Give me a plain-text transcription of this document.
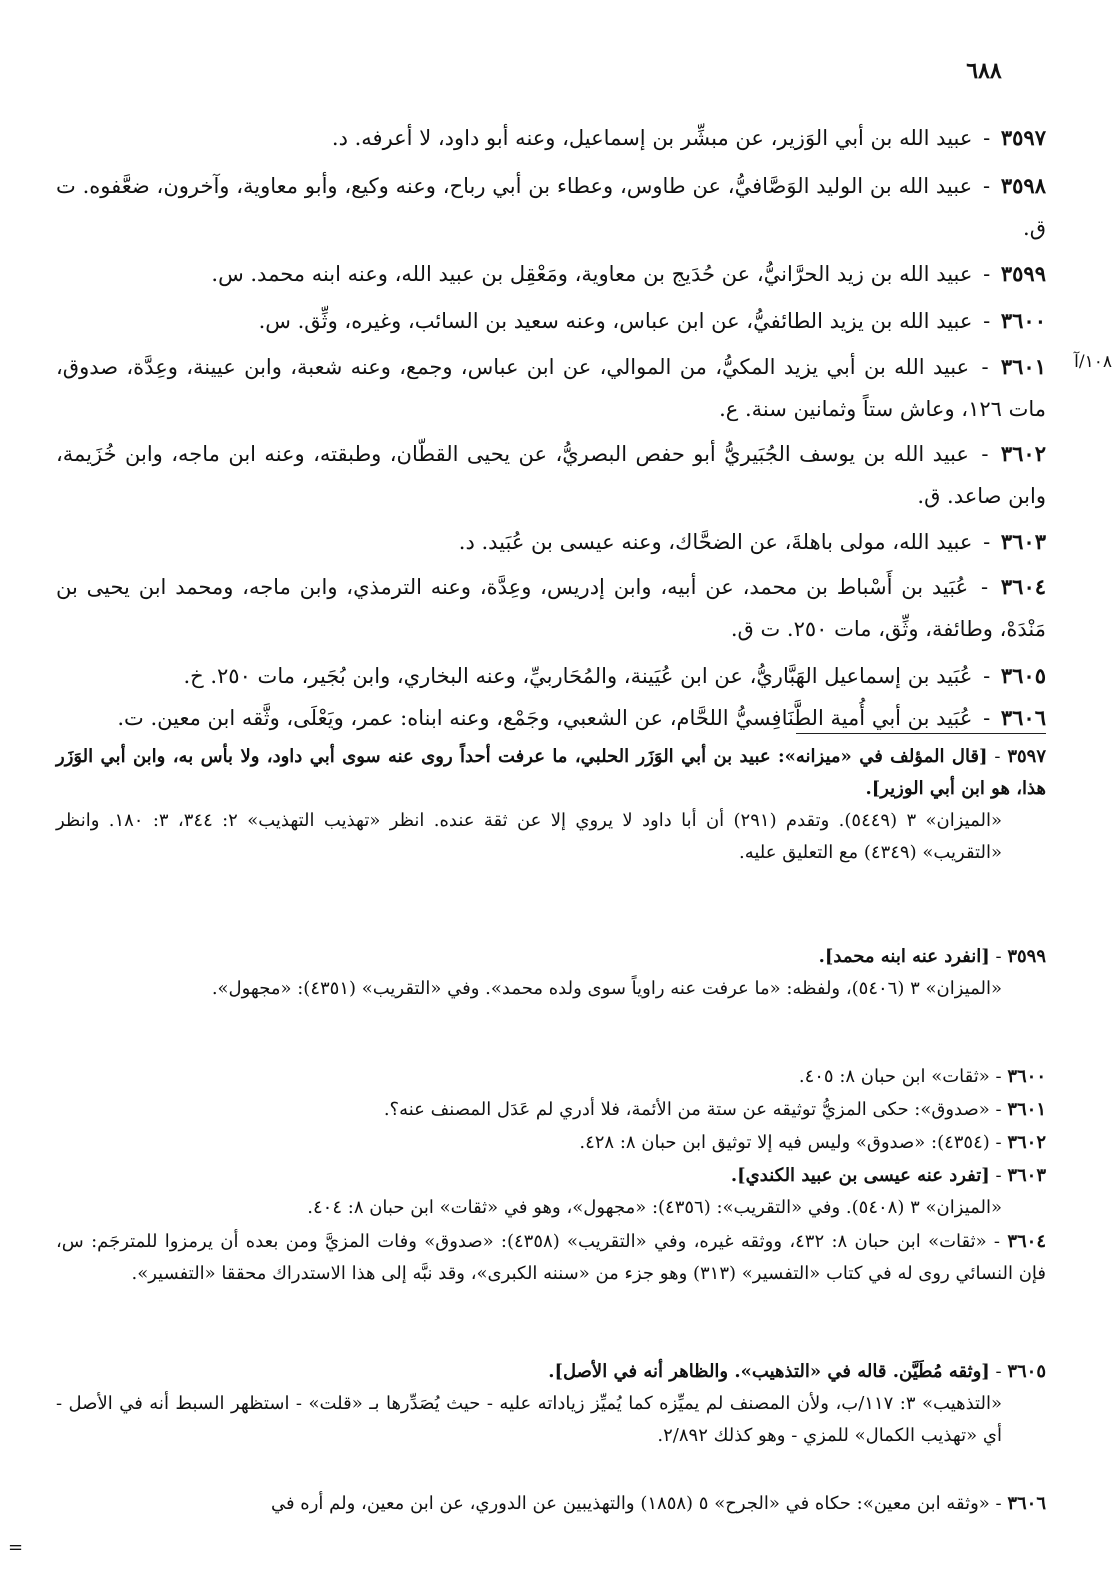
٦٨٨
١٠٨/آ
٣٥٩٧ - عبيد الله بن أبي الوَزير، عن مبشِّر بن إسماعيل، وعنه أبو داود، لا أعرفه. د.
٣٥٩٨ - عبيد الله بن الوليد الوَصَّافيُّ، عن طاوس، وعطاء بن أبي رباح، وعنه وكيع، وأبو معاوية، وآخرون، ضعَّفوه. ت ق.
٣٥٩٩ - عبيد الله بن زيد الحرَّانيُّ، عن حُدَيج بن معاوية، ومَعْقِل بن عبيد الله، وعنه ابنه محمد. س.
٣٦٠٠ - عبيد الله بن يزيد الطائفيُّ، عن ابن عباس، وعنه سعيد بن السائب، وغيره، وثِّق. س.
٣٦٠١ - عبيد الله بن أبي يزيد المكيُّ، من الموالي، عن ابن عباس، وجمع، وعنه شعبة، وابن عيينة، وعِدَّة، صدوق، مات ١٢٦، وعاش ستاً وثمانين سنة. ع.
٣٦٠٢ - عبيد الله بن يوسف الجُبَيريُّ أبو حفص البصريُّ، عن يحيى القطّان، وطبقته، وعنه ابن ماجه، وابن خُزَيمة، وابن صاعد. ق.
٣٦٠٣ - عبيد الله، مولى باهلةَ، عن الضحَّاك، وعنه عيسى بن عُبَيد. د.
٣٦٠٤ - عُبَيد بن أَسْباط بن محمد، عن أبيه، وابن إدريس، وعِدَّة، وعنه الترمذي، وابن ماجه، ومحمد ابن يحيى بن مَنْدَهْ، وطائفة، وثِّق، مات ٢٥٠. ت ق.
٣٦٠٥ - عُبَيد بن إسماعيل الهَبَّاريُّ، عن ابن عُيَينة، والمُحَاربيِّ، وعنه البخاري، وابن بُجَير، مات ٢٥٠. خ.
٣٦٠٦ - عُبَيد بن أبي أُمية الطَّنَافِسيُّ اللحَّام، عن الشعبي، وجَمْع، وعنه ابناه: عمر، ويَعْلَى، وثَّقه ابن معين. ت.
٣٥٩٧ - [قال المؤلف في «ميزانه»: عبيد بن أبي الوَزَر الحلبي، ما عرفت أحداً روى عنه سوى أبي داود، ولا بأس به، وابن أبي الوَزَر هذا، هو ابن أبي الوزير].
«الميزان» ٣ (٥٤٤٩). وتقدم (٢٩١) أن أبا داود لا يروي إلا عن ثقة عنده. انظر «تهذيب التهذيب» ٢: ٣٤٤، ٣: ١٨٠. وانظر «التقريب» (٤٣٤٩) مع التعليق عليه.
٣٥٩٩ - [انفرد عنه ابنه محمد].
«الميزان» ٣ (٥٤٠٦)، ولفظه: «ما عرفت عنه راوياً سوى ولده محمد». وفي «التقريب» (٤٣٥١): «مجهول».
٣٦٠٠ - «ثقات» ابن حبان ٨: ٤٠٥.
٣٦٠١ - «صدوق»: حكى المزيُّ توثيقه عن ستة من الأئمة، فلا أدري لم عَدَل المصنف عنه؟.
٣٦٠٢ - (٤٣٥٤): «صدوق» وليس فيه إلا توثيق ابن حبان ٨: ٤٢٨.
٣٦٠٣ - [تفرد عنه عيسى بن عبيد الكندي].
«الميزان» ٣ (٥٤٠٨). وفي «التقريب»: (٤٣٥٦): «مجهول»، وهو في «ثقات» ابن حبان ٨: ٤٠٤.
٣٦٠٤ - «ثقات» ابن حبان ٨: ٤٣٢، ووثقه غيره، وفي «التقريب» (٤٣٥٨): «صدوق» وفات المزيَّ ومن بعده أن يرمزوا للمترجَم: س، فإن النسائي روى له في كتاب «التفسير» (٣١٣) وهو جزء من «سننه الكبرى»، وقد نبَّه إلى هذا الاستدراك محققا «التفسير».
٣٦٠٥ - [وثقه مُطَيَّن. قاله في «التذهيب». والظاهر أنه في الأصل].
«التذهيب» ٣: ١١٧/ب، ولأن المصنف لم يميِّزه كما يُميِّز زياداته عليه - حيث يُصَدِّرها بـ «قلت» - استظهر السبط أنه في الأصل - أي «تهذيب الكمال» للمزي - وهو كذلك ٢/٨٩٢.
٣٦٠٦ - «وثقه ابن معين»: حكاه في «الجرح» ٥ (١٨٥٨) والتهذيبين عن الدوري، عن ابن معين، ولم أره في
=
